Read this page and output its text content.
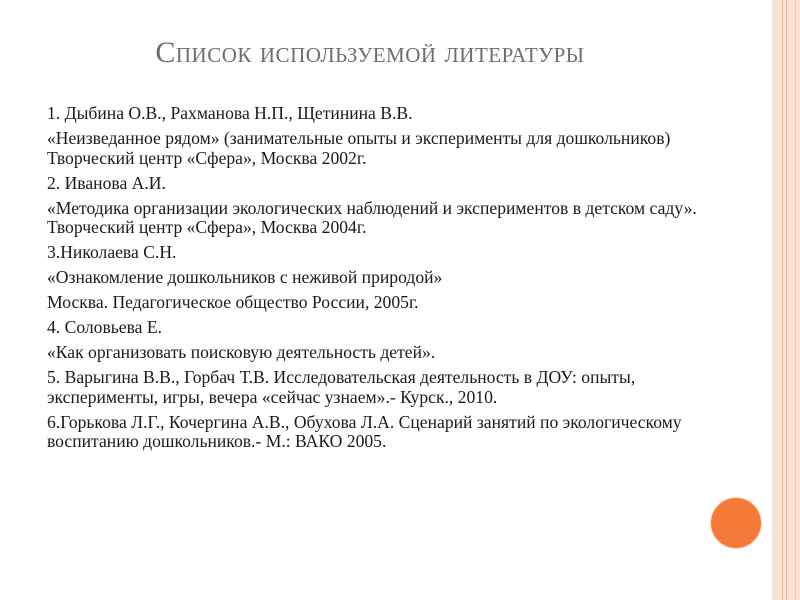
Список используемой литературы

1. Дыбина О.В., Рахманова Н.П., Щетинина В.В.

«Неизведанное рядом» (занимательные опыты и эксперименты для дошкольников) Творческий центр «Сфера», Москва 2002г.

2. Иванова А.И.

«Методика организации экологических наблюдений и экспериментов в детском саду». Творческий центр «Сфера», Москва 2004г.

3.Николаева С.Н.

«Ознакомление дошкольников с неживой природой»

Москва. Педагогическое общество России, 2005г.

4. Соловьева Е.

«Как организовать поисковую деятельность детей».

5. Варыгина В.В., Горбач Т.В. Исследовательская деятельность в ДОУ: опыты, эксперименты, игры, вечера «сейчас узнаем».- Курск., 2010.

6.Горькова Л.Г., Кочергина А.В., Обухова Л.А. Сценарий занятий по экологическому воспитанию дошкольников.- М.: ВАКО 2005.
